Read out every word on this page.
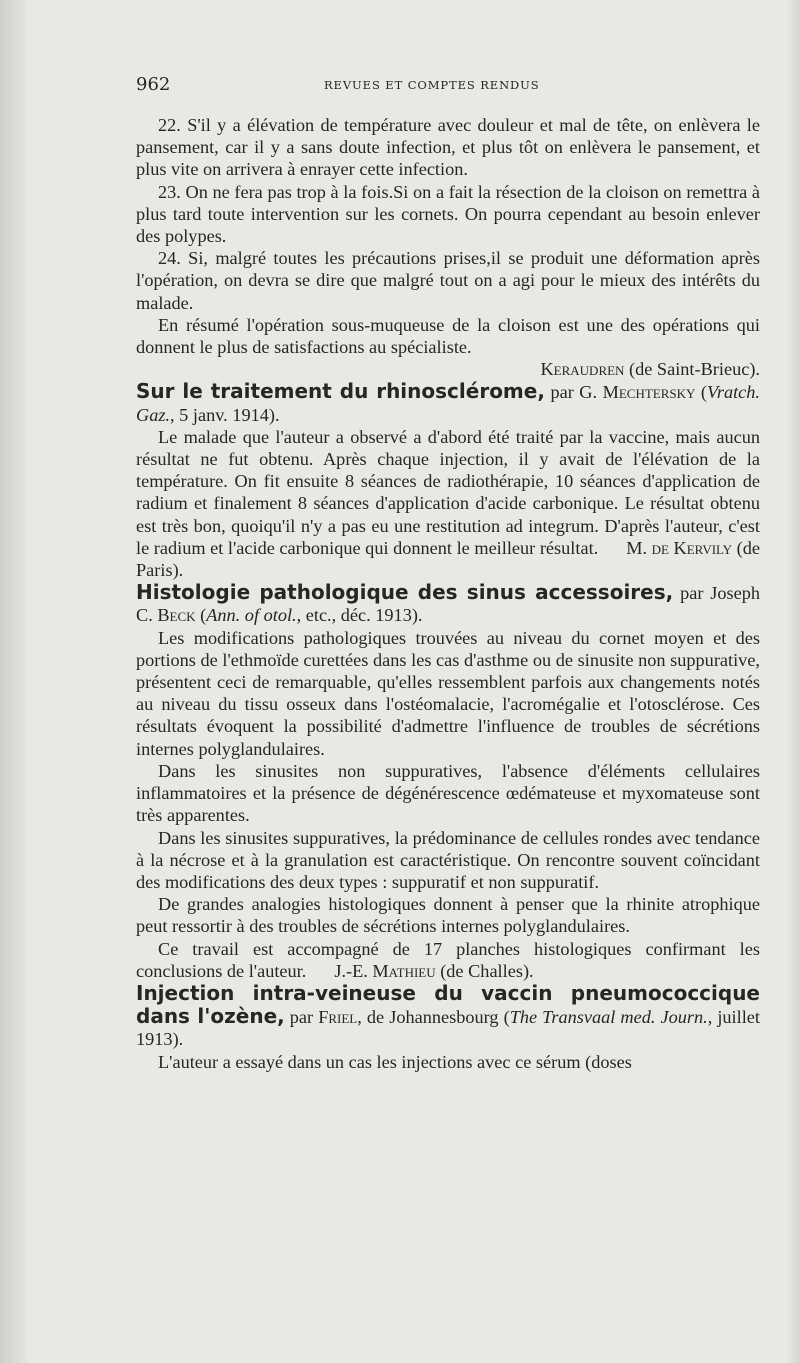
962	REVUES ET COMPTES RENDUS

22. S'il y a élévation de température avec douleur et mal de tête, on enlèvera le pansement, car il y a sans doute infection, et plus tôt on enlèvera le pansement, et plus vite on arrivera à enrayer cette infection.

23. On ne fera pas trop à la fois.Si on a fait la résection de la cloison on remettra à plus tard toute intervention sur les cornets. On pourra cependant au besoin enlever des polypes.

24. Si, malgré toutes les précautions prises,il se produit une déformation après l'opération, on devra se dire que malgré tout on a agi pour le mieux des intérêts du malade.

En résumé l'opération sous-muqueuse de la cloison est une des opérations qui donnent le plus de satisfactions au spécialiste.

Keraudren (de Saint-Brieuc).

Sur le traitement du rhinosclérome, par G. Mechtersky (Vratch. Gaz., 5 janv. 1914).

Le malade que l'auteur a observé a d'abord été traité par la vaccine, mais aucun résultat ne fut obtenu. Après chaque injection, il y avait de l'élévation de la température. On fit ensuite 8 séances de radiothérapie, 10 séances d'application de radium et finalement 8 séances d'application d'acide carbonique. Le résultat obtenu est très bon, quoiqu'il n'y a pas eu une restitution ad integrum. D'après l'auteur, c'est le radium et l'acide carbonique qui donnent le meilleur résultat. M. de Kervily (de Paris).

Histologie pathologique des sinus accessoires, par Joseph C. Beck (Ann. of otol., etc., déc. 1913).

Les modifications pathologiques trouvées au niveau du cornet moyen et des portions de l'ethmoïde curettées dans les cas d'asthme ou de sinusite non suppurative, présentent ceci de remarquable, qu'elles ressemblent parfois aux changements notés au niveau du tissu osseux dans l'ostéomalacie, l'acromégalie et l'otosclérose. Ces résultats évoquent la possibilité d'admettre l'influence de troubles de sécrétions internes polyglandulaires.

Dans les sinusites non suppuratives, l'absence d'éléments cellulaires inflammatoires et la présence de dégénérescence œdémateuse et myxomateuse sont très apparentes.

Dans les sinusites suppuratives, la prédominance de cellules rondes avec tendance à la nécrose et à la granulation est caractéristique. On rencontre souvent coïncidant des modifications des deux types : suppuratif et non suppuratif.

De grandes analogies histologiques donnent à penser que la rhinite atrophique peut ressortir à des troubles de sécrétions internes polyglandulaires.

Ce travail est accompagné de 17 planches histologiques confirmant les conclusions de l'auteur. J.-E. Mathieu (de Challes).

Injection intra-veineuse du vaccin pneumococcique dans l'ozène, par Friel, de Johannesbourg (The Transvaal med. Journ., juillet 1913).

L'auteur a essayé dans un cas les injections avec ce sérum (doses
